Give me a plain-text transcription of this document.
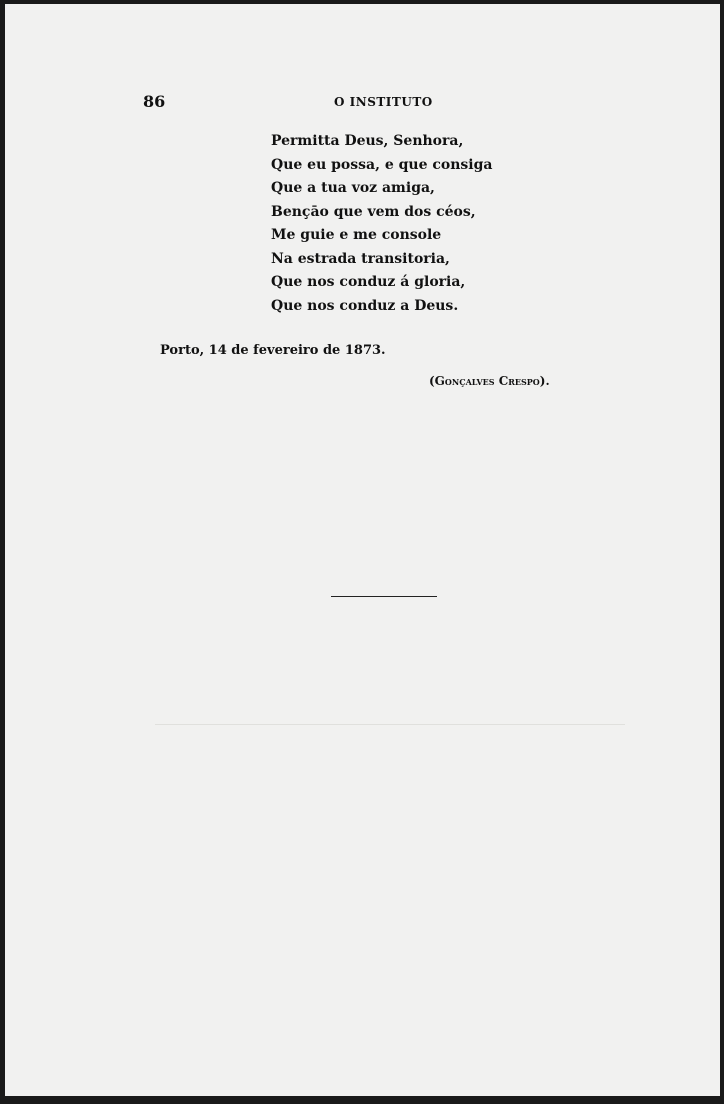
86	O INSTITUTO
Permitta Deus, Senhora,
Que eu possa, e que consiga
Que a tua voz amiga,
Bençāo que vem dos céos,
Me guie e me console
Na estrada transitoria,
Que nos conduz á gloria,
Que nos conduz a Deus.
Porto, 14 de fevereiro de 1873.
(Gonçalves Crespo).
